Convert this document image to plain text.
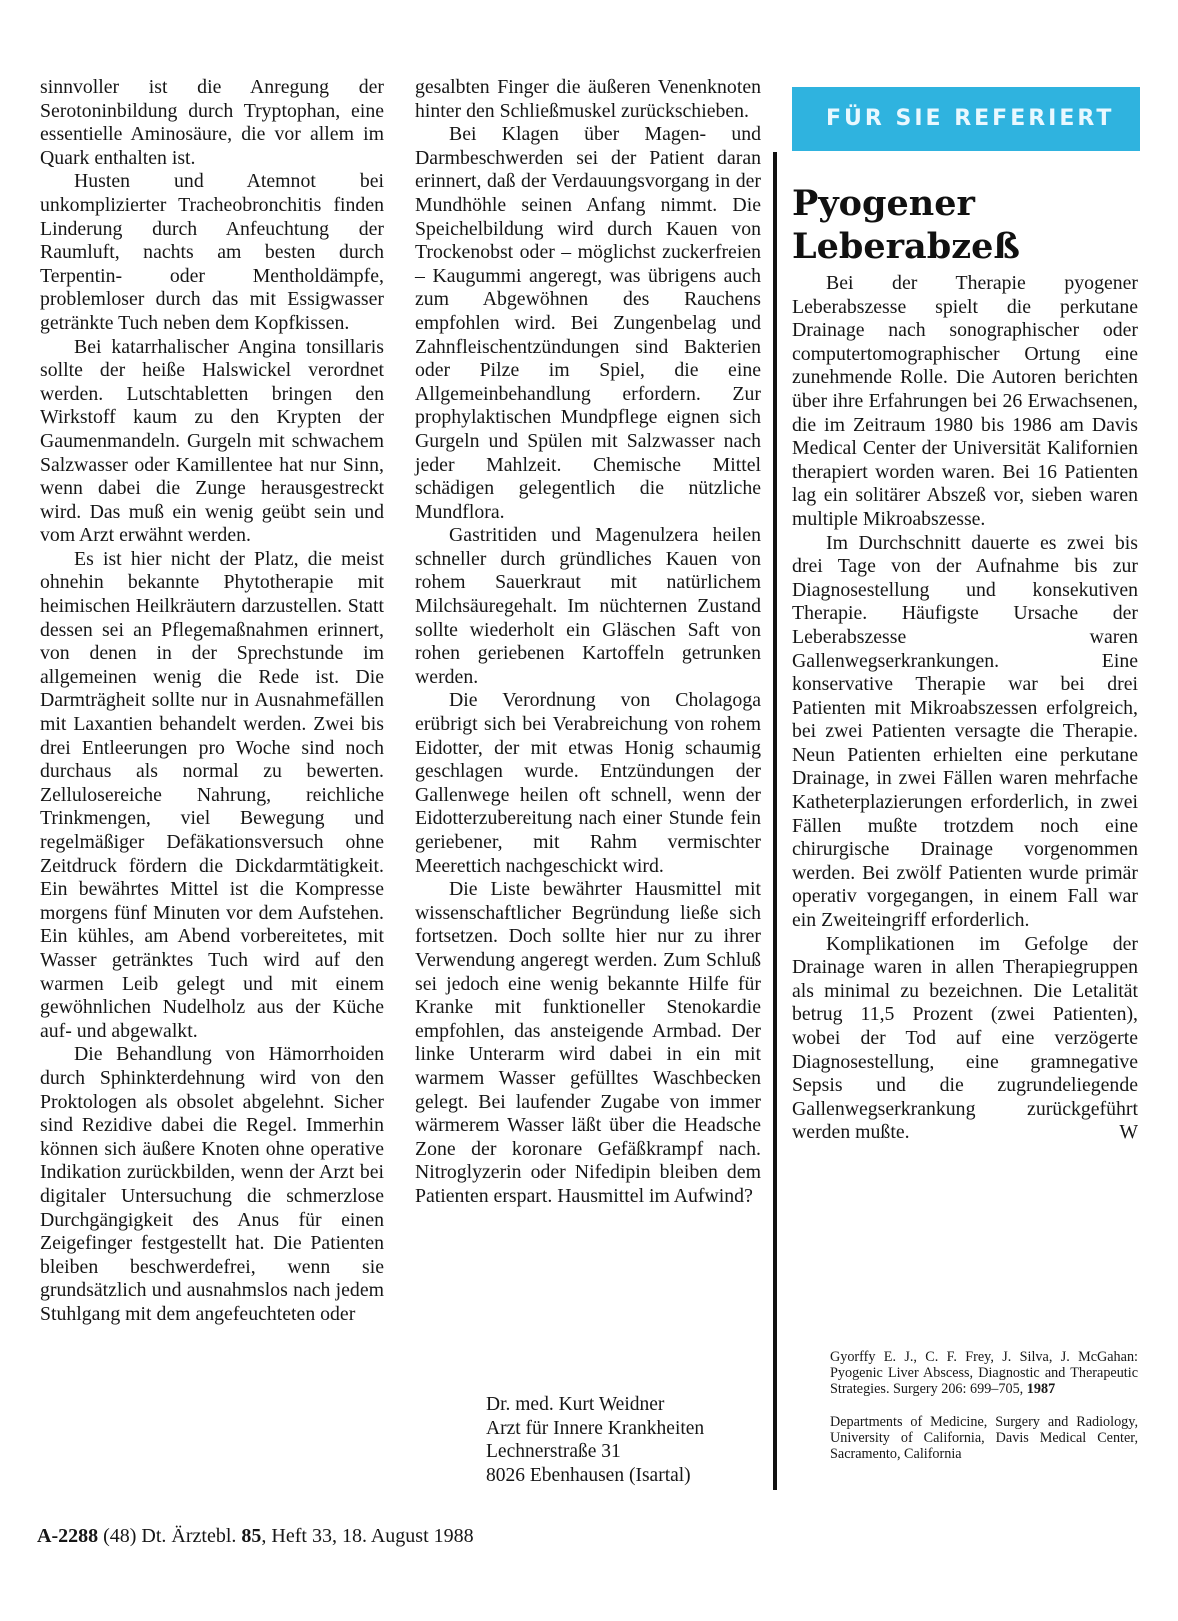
sinnvoller ist die Anregung der Serotoninbildung durch Tryptophan, eine essentielle Aminosäure, die vor allem im Quark enthalten ist.

Husten und Atemnot bei unkomplizierter Tracheobronchitis finden Linderung durch Anfeuchtung der Raumluft, nachts am besten durch Terpentin- oder Mentholdämpfe, problemloser durch das mit Essigwasser getränkte Tuch neben dem Kopfkissen.

Bei katarrhalischer Angina tonsillaris sollte der heiße Halswickel verordnet werden. Lutschtabletten bringen den Wirkstoff kaum zu den Krypten der Gaumenmandeln. Gurgeln mit schwachem Salzwasser oder Kamillentee hat nur Sinn, wenn dabei die Zunge herausgestreckt wird. Das muß ein wenig geübt sein und vom Arzt erwähnt werden.

Es ist hier nicht der Platz, die meist ohnehin bekannte Phytotherapie mit heimischen Heilkräutern darzustellen. Statt dessen sei an Pflegemaßnahmen erinnert, von denen in der Sprechstunde im allgemeinen wenig die Rede ist. Die Darmträgheit sollte nur in Ausnahmefällen mit Laxantien behandelt werden. Zwei bis drei Entleerungen pro Woche sind noch durchaus als normal zu bewerten. Zellulosereiche Nahrung, reichliche Trinkmengen, viel Bewegung und regelmäßiger Defäkationsversuch ohne Zeitdruck fördern die Dickdarmtätigkeit. Ein bewährtes Mittel ist die Kompresse morgens fünf Minuten vor dem Aufstehen. Ein kühles, am Abend vorbereitetes, mit Wasser getränktes Tuch wird auf den warmen Leib gelegt und mit einem gewöhnlichen Nudelholz aus der Küche auf- und abgewalkt.

Die Behandlung von Hämorrhoiden durch Sphinkterdehnung wird von den Proktologen als obsolet abgelehnt. Sicher sind Rezidive dabei die Regel. Immerhin können sich äußere Knoten ohne operative Indikation zurückbilden, wenn der Arzt bei digitaler Untersuchung die schmerzlose Durchgängigkeit des Anus für einen Zeigefinger festgestellt hat. Die Patienten bleiben beschwerdefrei, wenn sie grundsätzlich und ausnahmslos nach jedem Stuhlgang mit dem angefeuchteten oder

gesalbten Finger die äußeren Venenknoten hinter den Schließmuskel zurückschieben.

Bei Klagen über Magen- und Darmbeschwerden sei der Patient daran erinnert, daß der Verdauungsvorgang in der Mundhöhle seinen Anfang nimmt. Die Speichelbildung wird durch Kauen von Trockenobst oder – möglichst zuckerfreien – Kaugummi angeregt, was übrigens auch zum Abgewöhnen des Rauchens empfohlen wird. Bei Zungenbelag und Zahnfleischentzündungen sind Bakterien oder Pilze im Spiel, die eine Allgemeinbehandlung erfordern. Zur prophylaktischen Mundpflege eignen sich Gurgeln und Spülen mit Salzwasser nach jeder Mahlzeit. Chemische Mittel schädigen gelegentlich die nützliche Mundflora.

Gastritiden und Magenulzera heilen schneller durch gründliches Kauen von rohem Sauerkraut mit natürlichem Milchsäuregehalt. Im nüchternen Zustand sollte wiederholt ein Gläschen Saft von rohen geriebenen Kartoffeln getrunken werden.

Die Verordnung von Cholagoga erübrigt sich bei Verabreichung von rohem Eidotter, der mit etwas Honig schaumig geschlagen wurde. Entzündungen der Gallenwege heilen oft schnell, wenn der Eidotterzubereitung nach einer Stunde fein geriebener, mit Rahm vermischter Meerettich nachgeschickt wird.

Die Liste bewährter Hausmittel mit wissenschaftlicher Begründung ließe sich fortsetzen. Doch sollte hier nur zu ihrer Verwendung angeregt werden. Zum Schluß sei jedoch eine wenig bekannte Hilfe für Kranke mit funktioneller Stenokardie empfohlen, das ansteigende Armbad. Der linke Unterarm wird dabei in ein mit warmem Wasser gefülltes Waschbecken gelegt. Bei laufender Zugabe von immer wärmerem Wasser läßt über die Headsche Zone der koronare Gefäßkrampf nach. Nitroglyzerin oder Nifedipin bleiben dem Patienten erspart. Hausmittel im Aufwind?

Dr. med. Kurt Weidner
Arzt für Innere Krankheiten
Lechnerstraße 31
8026 Ebenhausen (Isartal)
FÜR SIE REFERIERT
Pyogener
Leberabzeß

Bei der Therapie pyogener Leberabszesse spielt die perkutane Drainage nach sonographischer oder computertomographischer Ortung eine zunehmende Rolle. Die Autoren berichten über ihre Erfahrungen bei 26 Erwachsenen, die im Zeitraum 1980 bis 1986 am Davis Medical Center der Universität Kalifornien therapiert worden waren. Bei 16 Patienten lag ein solitärer Abszeß vor, sieben waren multiple Mikroabszesse.

Im Durchschnitt dauerte es zwei bis drei Tage von der Aufnahme bis zur Diagnosestellung und konsekutiven Therapie. Häufigste Ursache der Leberabszesse waren Gallenwegserkrankungen. Eine konservative Therapie war bei drei Patienten mit Mikroabszessen erfolgreich, bei zwei Patienten versagte die Therapie. Neun Patienten erhielten eine perkutane Drainage, in zwei Fällen waren mehrfache Katheterplazierungen erforderlich, in zwei Fällen mußte trotzdem noch eine chirurgische Drainage vorgenommen werden. Bei zwölf Patienten wurde primär operativ vorgegangen, in einem Fall war ein Zweiteingriff erforderlich.

Komplikationen im Gefolge der Drainage waren in allen Therapiegruppen als minimal zu bezeichnen. Die Letalität betrug 11,5 Prozent (zwei Patienten), wobei der Tod auf eine verzögerte Diagnosestellung, eine gramnegative Sepsis und die zugrundeliegende Gallenwegserkrankung zurückgeführt werden mußte.	W

Gyorffy E. J., C. F. Frey, J. Silva, J. McGahan: Pyogenic Liver Abscess, Diagnostic and Therapeutic Strategies. Surgery 206: 699–705, 1987

Departments of Medicine, Surgery and Radiology, University of California, Davis Medical Center, Sacramento, California

A-2288 (48) Dt. Ärztebl. 85, Heft 33, 18. August 1988
